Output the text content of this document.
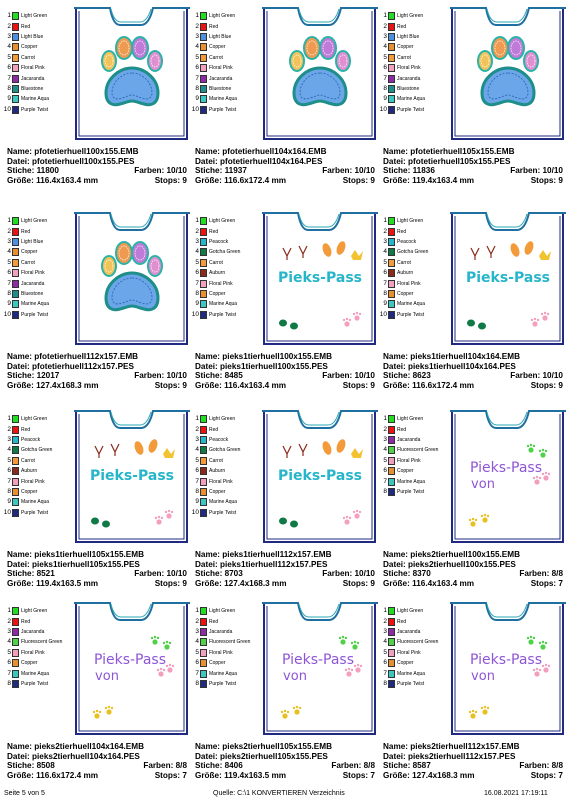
1 Light Green
2 Red
3 Light Blue
4 Copper
5 Carrot
6 Floral Pink
7 Jacaranda
8 Bluestone
9 Marine Aqua
10 Purple Twist
Name: pfotetierhuell100x155.EMB
Datei: pfotetierhuell100x155.PES
Stiche: 11800	Farben: 10/10
Größe: 116.4x163.4 mm	Stops: 9
1 Light Green
2 Red
3 Light Blue
4 Copper
5 Carrot
6 Floral Pink
7 Jacaranda
8 Bluestone
9 Marine Aqua
10 Purple Twist
Name: pfotetierhuell104x164.EMB
Datei: pfotetierhuell104x164.PES
Stiche: 11937	Farben: 10/10
Größe: 116.6x172.4 mm	Stops: 9
1 Light Green
2 Red
3 Light Blue
4 Copper
5 Carrot
6 Floral Pink
7 Jacaranda
8 Bluestone
9 Marine Aqua
10 Purple Twist
Name: pfotetierhuell105x155.EMB
Datei: pfotetierhuell105x155.PES
Stiche: 11836	Farben: 10/10
Größe: 119.4x163.4 mm	Stops: 9
1 Light Green
2 Red
3 Light Blue
4 Copper
5 Carrot
6 Floral Pink
7 Jacaranda
8 Bluestone
9 Marine Aqua
10 Purple Twist
Name: pfotetierhuell112x157.EMB
Datei: pfotetierhuell112x157.PES
Stiche: 12017	Farben: 10/10
Größe: 127.4x168.3 mm	Stops: 9
1 Light Green
2 Red
3 Peacock
4 Gotcha Green
5 Carrot
6 Auburn
7 Floral Pink
8 Copper
9 Marine Aqua
10 Purple Twist
Pieks-Pass
Name: pieks1tierhuell100x155.EMB
Datei: pieks1tierhuell100x155.PES
Stiche: 8485	Farben: 10/10
Größe: 116.4x163.4 mm	Stops: 9
1 Light Green
2 Red
3 Peacock
4 Gotcha Green
5 Carrot
6 Auburn
7 Floral Pink
8 Copper
9 Marine Aqua
10 Purple Twist
Pieks-Pass
Name: pieks1tierhuell104x164.EMB
Datei: pieks1tierhuell104x164.PES
Stiche: 8623	Farben: 10/10
Größe: 116.6x172.4 mm	Stops: 9
1 Light Green
2 Red
3 Peacock
4 Gotcha Green
5 Carrot
6 Auburn
7 Floral Pink
8 Copper
9 Marine Aqua
10 Purple Twist
Pieks-Pass
Name: pieks1tierhuell105x155.EMB
Datei: pieks1tierhuell105x155.PES
Stiche: 8521	Farben: 10/10
Größe: 119.4x163.5 mm	Stops: 9
1 Light Green
2 Red
3 Peacock
4 Gotcha Green
5 Carrot
6 Auburn
7 Floral Pink
8 Copper
9 Marine Aqua
10 Purple Twist
Pieks-Pass
Name: pieks1tierhuell112x157.EMB
Datei: pieks1tierhuell112x157.PES
Stiche: 8703	Farben: 10/10
Größe: 127.4x168.3 mm	Stops: 9
1 Light Green
2 Red
3 Jacaranda
4 Fluorescent Green
5 Floral Pink
6 Copper
7 Marine Aqua
8 Purple Twist
Pieks-Pass
von
Name: pieks2tierhuell100x155.EMB
Datei: pieks2tierhuell100x155.PES
Stiche: 8370	Farben: 8/8
Größe: 116.4x163.4 mm	Stops: 7
1 Light Green
2 Red
3 Jacaranda
4 Fluorescent Green
5 Floral Pink
6 Copper
7 Marine Aqua
8 Purple Twist
Pieks-Pass
von
Name: pieks2tierhuell104x164.EMB
Datei: pieks2tierhuell104x164.PES
Stiche: 8508	Farben: 8/8
Größe: 116.6x172.4 mm	Stops: 7
1 Light Green
2 Red
3 Jacaranda
4 Fluorescent Green
5 Floral Pink
6 Copper
7 Marine Aqua
8 Purple Twist
Pieks-Pass
von
Name: pieks2tierhuell105x155.EMB
Datei: pieks2tierhuell105x155.PES
Stiche: 8406	Farben: 8/8
Größe: 119.4x163.5 mm	Stops: 7
1 Light Green
2 Red
3 Jacaranda
4 Fluorescent Green
5 Floral Pink
6 Copper
7 Marine Aqua
8 Purple Twist
Pieks-Pass
von
Name: pieks2tierhuell112x157.EMB
Datei: pieks2tierhuell112x157.PES
Stiche: 8587	Farben: 8/8
Größe: 127.4x168.3 mm	Stops: 7
Seite 5 von 5	Quelle: C:\1 KONVERTIEREN Verzeichnis	16.08.2021 17:19:11
